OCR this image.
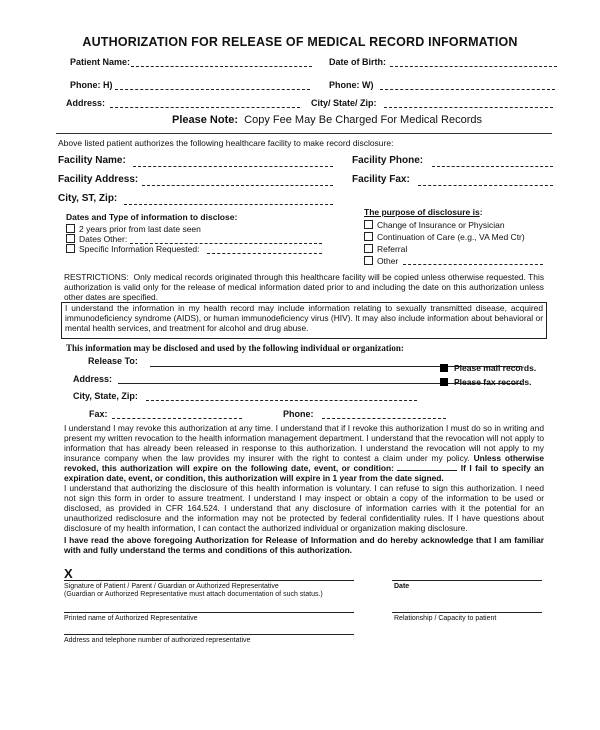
AUTHORIZATION FOR RELEASE OF MEDICAL RECORD INFORMATION
Patient Name:	Date of Birth:
Phone: H)	Phone: W)
Address:	City/ State/ Zip:
Please Note: Copy Fee May Be Charged For Medical Records
Above listed patient authorizes the following healthcare facility to make record disclosure:
Facility Name:	Facility Phone:
Facility Address:	Facility Fax:
City, ST, Zip:
Dates and Type of information to disclose:
2 years prior from last date seen
Dates Other:
Specific Information Requested:
The purpose of disclosure is:
Change of Insurance or Physician
Continuation of Care (e.g., VA Med Ctr)
Referral
Other
RESTRICTIONS: Only medical records originated through this healthcare facility will be copied unless otherwise requested. This authorization is valid only for the release of medical information dated prior to and including the date on this authorization unless other dates are specified.
I understand the information in my health record may include information relating to sexually transmitted disease, acquired immunodeficiency syndrome (AIDS), or human immunodeficiency virus (HIV). It may also include information about behavioral or mental health services, and treatment for alcohol and drug abuse.
This information may be disclosed and used by the following individual or organization:
Release To:
Address:
City, State, Zip:
Please mail records.
Please fax records.
Fax:	Phone:
I understand I may revoke this authorization at any time. I understand that if I revoke this authorization I must do so in writing and present my written revocation to the health information management department. I understand that the revocation will not apply to information that has already been released in response to this authorization. I understand the revocation will not apply to my insurance company when the law provides my insurer with the right to contest a claim under my policy. Unless otherwise revoked, this authorization will expire on the following date, event, or condition:	If I fail to specify an expiration date, event, or condition, this authorization will expire in 1 year from the date signed.
I understand that authorizing the disclosure of this health information is voluntary. I can refuse to sign this authorization. I need not sign this form in order to assure treatment. I understand I may inspect or obtain a copy of the information to be used or disclosed, as provided in CFR 164.524. I understand that any disclosure of information carries with it the potential for an unauthorized redisclosure and the information may not be protected by federal confidentiality rules. If I have questions about disclosure of my health information, I can contact the authorized individual or organization making disclosure.
I have read the above foregoing Authorization for Release of Information and do hereby acknowledge that I am familiar with and fully understand the terms and conditions of this authorization.
X
Signature of Patient / Parent / Guardian or Authorized Representative
(Guardian or Authorized Representative must attach documentation of such status.)
Date
Printed name of Authorized Representative	Relationship / Capacity to patient
Address and telephone number of authorized representative
